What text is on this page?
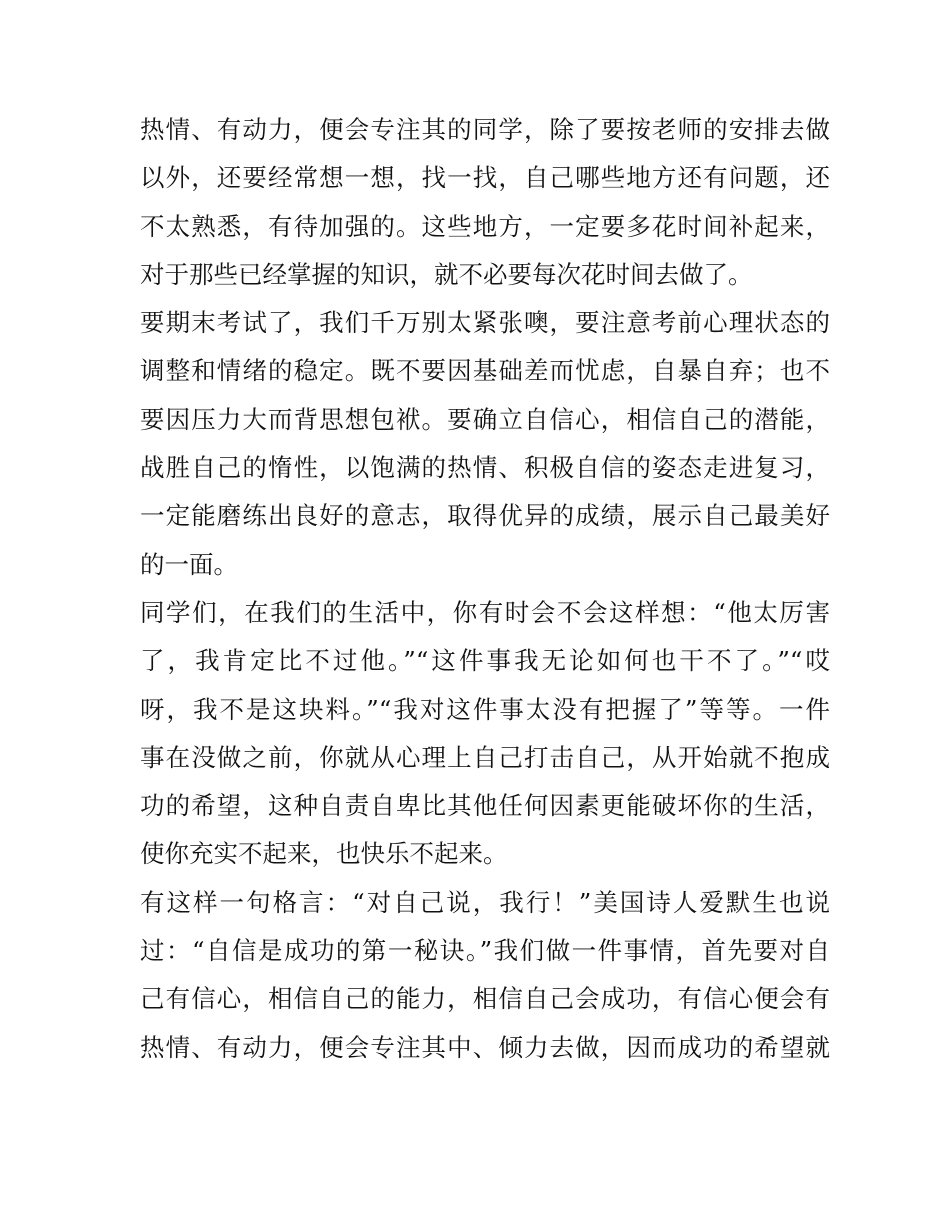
热情、有动力，便会专注其的同学，除了要按老师的安排去做
以外，还要经常想一想，找一找，自己哪些地方还有问题，还
不太熟悉，有待加强的。这些地方，一定要多花时间补起来，
对于那些已经掌握的知识，就不必要每次花时间去做了。
要期末考试了，我们千万别太紧张噢，要注意考前心理状态的
调整和情绪的稳定。既不要因基础差而忧虑，自暴自弃；也不
要因压力大而背思想包袱。要确立自信心，相信自己的潜能，
战胜自己的惰性，以饱满的热情、积极自信的姿态走进复习，
一定能磨练出良好的意志，取得优异的成绩，展示自己最美好
的一面。
同学们，在我们的生活中，你有时会不会这样想：“他太厉害
了，我肯定比不过他。”“这件事我无论如何也干不了。”“哎
呀，我不是这块料。”“我对这件事太没有把握了”等等。一件
事在没做之前，你就从心理上自己打击自己，从开始就不抱成
功的希望，这种自责自卑比其他任何因素更能破坏你的生活，
使你充实不起来，也快乐不起来。
有这样一句格言：“对自己说，我行！”美国诗人爱默生也说
过：“自信是成功的第一秘诀。”我们做一件事情，首先要对自
己有信心，相信自己的能力，相信自己会成功，有信心便会有
热情、有动力，便会专注其中、倾力去做，因而成功的希望就
